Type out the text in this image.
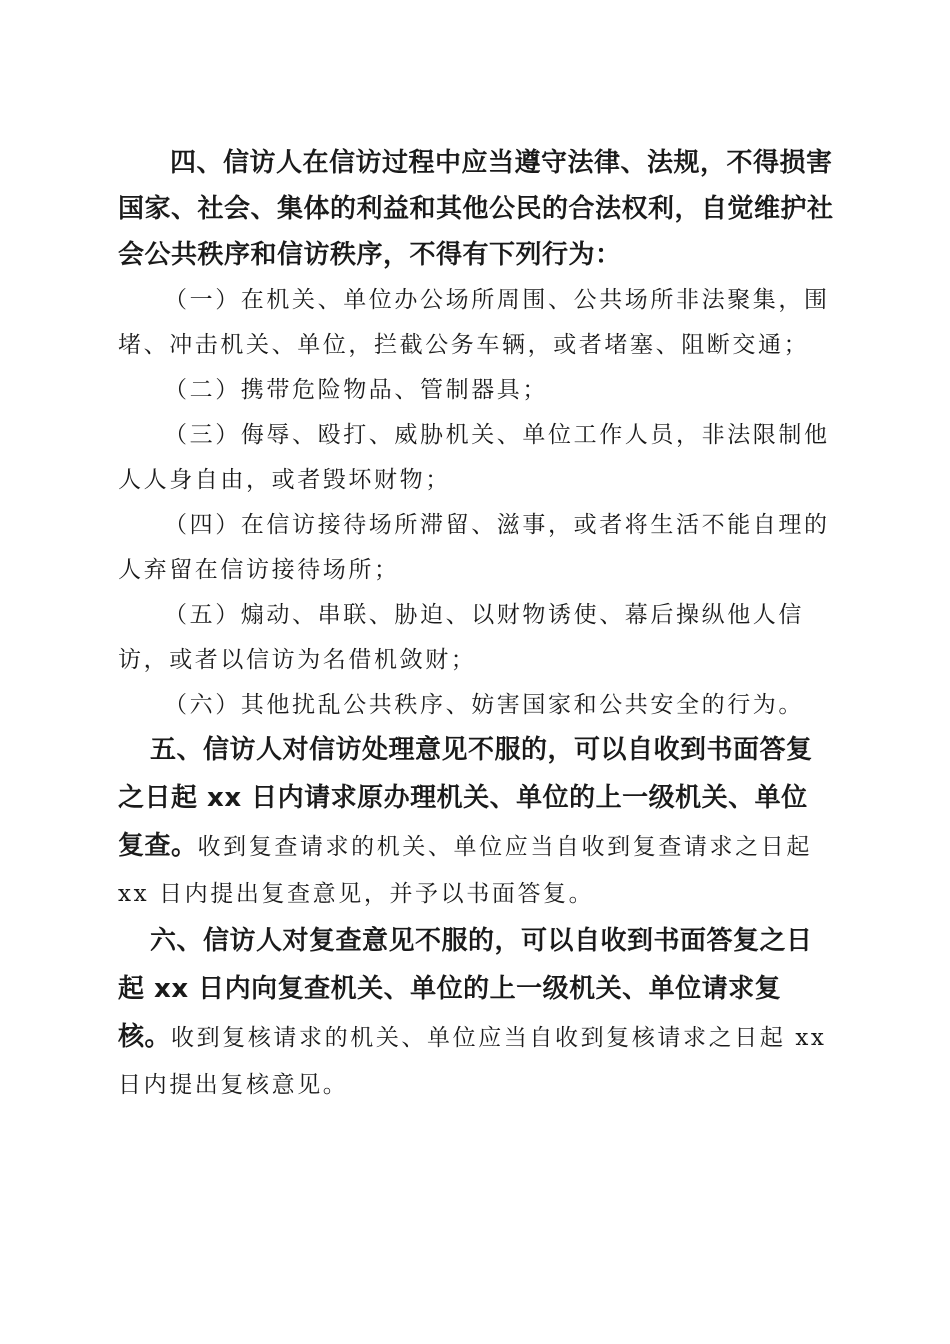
四、信访人在信访过程中应当遵守法律、法规，不得损害国家、社会、集体的利益和其他公民的合法权利，自觉维护社会公共秩序和信访秩序，不得有下列行为：

（一）在机关、单位办公场所周围、公共场所非法聚集，围堵、冲击机关、单位，拦截公务车辆，或者堵塞、阻断交通；

（二）携带危险物品、管制器具；

（三）侮辱、殴打、威胁机关、单位工作人员，非法限制他人人身自由，或者毁坏财物；

（四）在信访接待场所滞留、滋事，或者将生活不能自理的人弃留在信访接待场所；

（五）煽动、串联、胁迫、以财物诱使、幕后操纵他人信访，或者以信访为名借机敛财；

（六）其他扰乱公共秩序、妨害国家和公共安全的行为。

五、信访人对信访处理意见不服的，可以自收到书面答复之日起 xx 日内请求原办理机关、单位的上一级机关、单位复查。收到复查请求的机关、单位应当自收到复查请求之日起 xx 日内提出复查意见，并予以书面答复。

六、信访人对复查意见不服的，可以自收到书面答复之日起 xx 日内向复查机关、单位的上一级机关、单位请求复核。收到复核请求的机关、单位应当自收到复核请求之日起 xx 日内提出复核意见。
